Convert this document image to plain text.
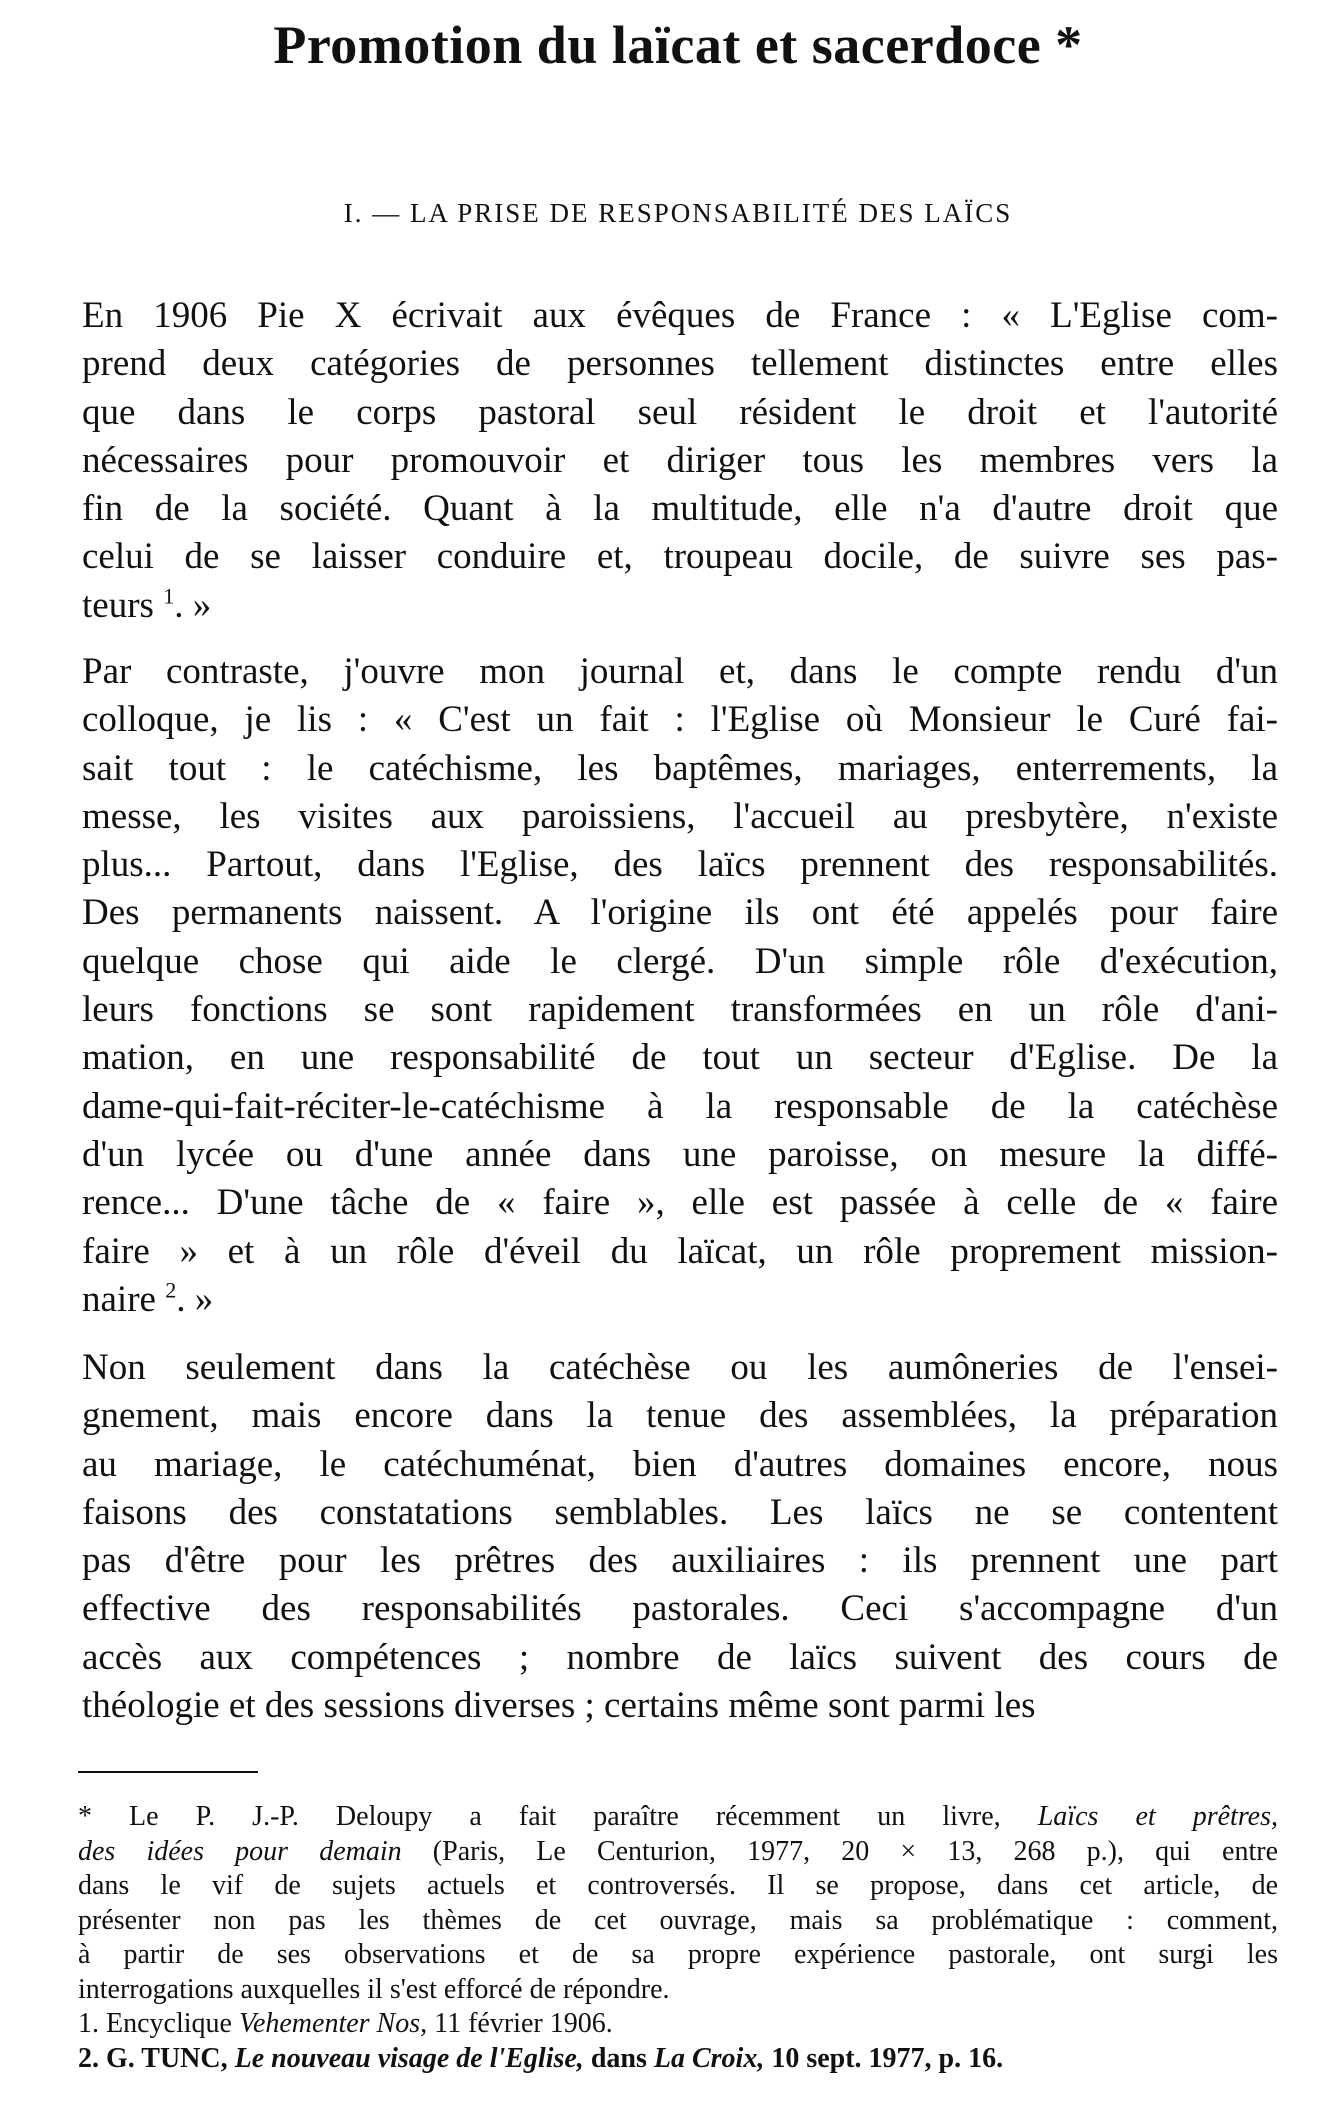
Promotion du laïcat et sacerdoce *
I. — LA PRISE DE RESPONSABILITÉ DES LAÏCS
En 1906 Pie X écrivait aux évêques de France : « L'Eglise com-
prend deux catégories de personnes tellement distinctes entre elles
que dans le corps pastoral seul résident le droit et l'autorité
nécessaires pour promouvoir et diriger tous les membres vers la
fin de la société. Quant à la multitude, elle n'a d'autre droit que
celui de se laisser conduire et, troupeau docile, de suivre ses pas-
teurs $^1$. »
Par contraste, j'ouvre mon journal et, dans le compte rendu d'un
colloque, je lis : « C'est un fait : l'Eglise où Monsieur le Curé fai-
sait tout : le catéchisme, les baptêmes, mariages, enterrements, la
messe, les visites aux paroissiens, l'accueil au presbytère, n'existe
plus... Partout, dans l'Eglise, des laïcs prennent des responsabilités.
Des permanents naissent. A l'origine ils ont été appelés pour faire
quelque chose qui aide le clergé. D'un simple rôle d'exécution,
leurs fonctions se sont rapidement transformées en un rôle d'ani-
mation, en une responsabilité de tout un secteur d'Eglise. De la
dame-qui-fait-réciter-le-catéchisme à la responsable de la catéchèse
d'un lycée ou d'une année dans une paroisse, on mesure la diffé-
rence... D'une tâche de « faire », elle est passée à celle de « faire
faire » et à un rôle d'éveil du laïcat, un rôle proprement mission-
naire $^2$. »
Non seulement dans la catéchèse ou les aumôneries de l'ensei-
gnement, mais encore dans la tenue des assemblées, la préparation
au mariage, le catéchuménat, bien d'autres domaines encore, nous
faisons des constatations semblables. Les laïcs ne se contentent
pas d'être pour les prêtres des auxiliaires : ils prennent une part
effective des responsabilités pastorales. Ceci s'accompagne d'un
accès aux compétences ; nombre de laïcs suivent des cours de
théologie et des sessions diverses ; certains même sont parmi les
* Le P. J.-P. Deloupy a fait paraître récemment un livre, Laïcs et prêtres,
des idées pour demain (Paris, Le Centurion, 1977, 20 × 13, 268 p.), qui entre
dans le vif de sujets actuels et controversés. Il se propose, dans cet article, de
présenter non pas les thèmes de cet ouvrage, mais sa problématique : comment,
à partir de ses observations et de sa propre expérience pastorale, ont surgi les
interrogations auxquelles il s'est efforcé de répondre.
1. Encyclique Vehementer Nos, 11 février 1906.
2. G. TUNC, Le nouveau visage de l'Eglise, dans La Croix, 10 sept. 1977, p. 16.
